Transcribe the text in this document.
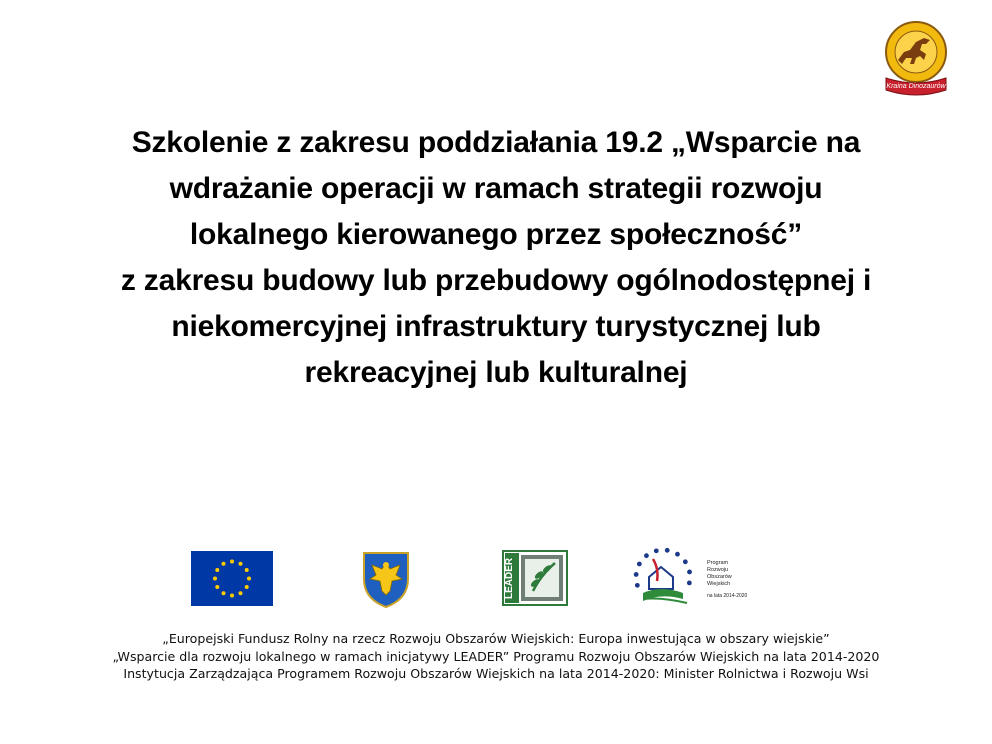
Kraina Dinozaurów
Szkolenie z zakresu poddziałania 19.2 „Wsparcie na
wdrażanie operacji w ramach strategii rozwoju
lokalnego kierowanego przez społeczność”
z zakresu budowy lub przebudowy ogólnodostępnej i
niekomercyjnej infrastruktury turystycznej lub
rekreacyjnej lub kulturalnej
LEADER	Program
Rozwoju
Obszarów
Wiejskich
na lata 2014-2020
„Europejski Fundusz Rolny na rzecz Rozwoju Obszarów Wiejskich: Europa inwestująca w obszary wiejskie”
„Wsparcie dla rozwoju lokalnego w ramach inicjatywy LEADER” Programu Rozwoju Obszarów Wiejskich na lata 2014-2020
Instytucja Zarządzająca Programem Rozwoju Obszarów Wiejskich na lata 2014-2020: Minister Rolnictwa i Rozwoju Wsi
